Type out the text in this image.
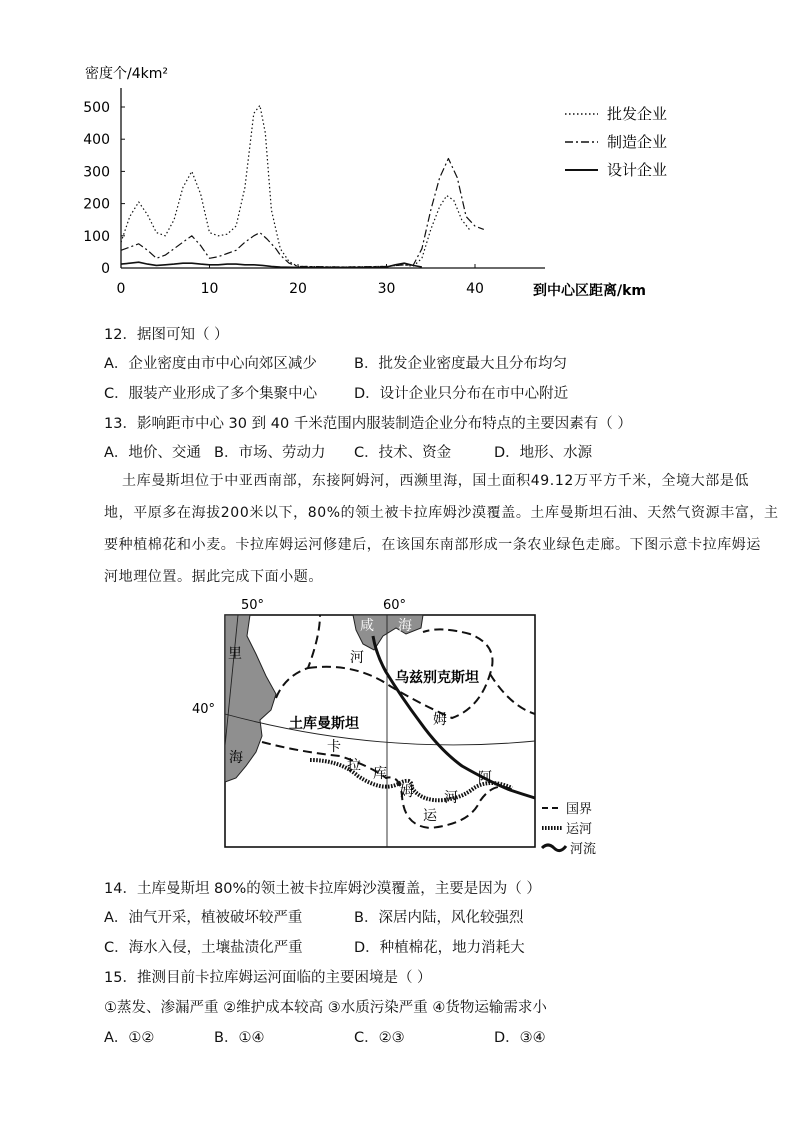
密度个/4km²
0
100
200
300
400
500
0	10	20	30	40	到中心区距离/km
批发企业
制造企业
设计企业
12．据图可知（ ）
A．企业密度由市中心向郊区减少	B．批发企业密度最大且分布均匀
C．服装产业形成了多个集聚中心	D．设计企业只分布在市中心附近
13．影响距市中心 30 到 40 千米范围内服装制造企业分布特点的主要因素有（ ）
A．地价、交通 B．市场、劳动力 C．技术、资金	D．地形、水源
土库曼斯坦位于中亚西南部，东接阿姆河，西濒里海，国土面积49.12万平方千米，全境大部是低
地，平原多在海拔200米以下，80%的领土被卡拉库姆沙漠覆盖。土库曼斯坦石油、天然气资源丰富，主
要种植棉花和小麦。卡拉库姆运河修建后，在该国东南部形成一条农业绿色走廊。下图示意卡拉库姆运
河地理位置。据此完成下面小题。
50°	60°
40°
咸 海
里
海
河
乌兹别克斯坦
土库曼斯坦	姆
卡
拉 库
姆
阿
运
河
国界
运河
河流
14．土库曼斯坦 80%的领土被卡拉库姆沙漠覆盖，主要是因为（ ）
A．油气开采，植被破坏较严重	B．深居内陆，风化较强烈
C．海水入侵，土壤盐渍化严重	D．种植棉花，地力消耗大
15．推测目前卡拉库姆运河面临的主要困境是（ ）
①蒸发、渗漏严重 ②维护成本较高 ③水质污染严重 ④货物运输需求小
A．①②	B．①④	C．②③	D．③④
